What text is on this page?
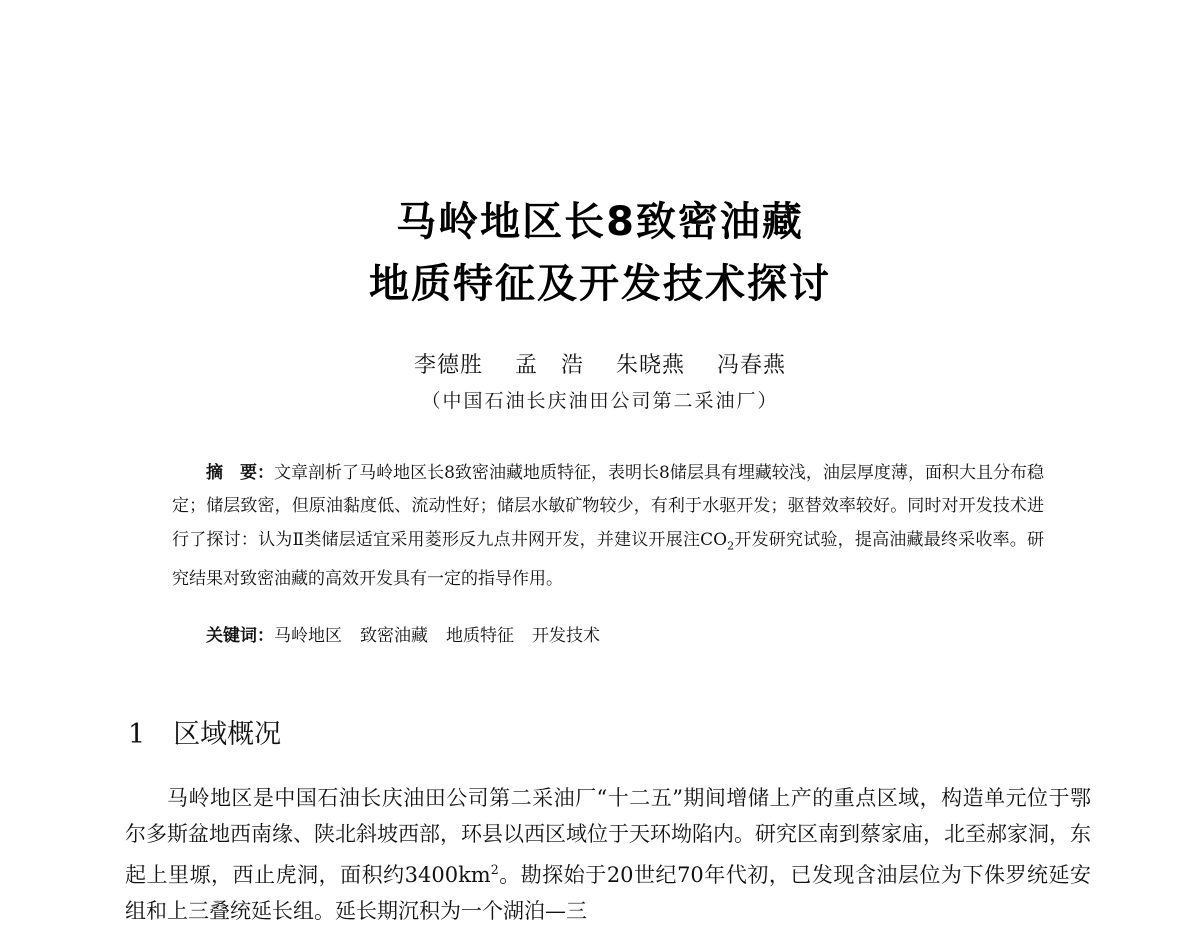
马岭地区长8致密油藏
地质特征及开发技术探讨
李德胜 孟　浩 朱晓燕 冯春燕
（中国石油长庆油田公司第二采油厂）

摘　要：文章剖析了马岭地区长8致密油藏地质特征，表明长8储层具有埋藏较浅，油层厚度薄，面积大且分布稳定；储层致密，但原油黏度低、流动性好；储层水敏矿物较少，有利于水驱开发；驱替效率较好。同时对开发技术进行了探讨：认为Ⅱ类储层适宜采用菱形反九点井网开发，并建议开展注$CO_2$开发研究试验，提高油藏最终采收率。研究结果对致密油藏的高效开发具有一定的指导作用。

关键词：马岭地区 致密油藏 地质特征 开发技术
1 区域概况

马岭地区是中国石油长庆油田公司第二采油厂“十二五”期间增储上产的重点区域，构造单元位于鄂尔多斯盆地西南缘、陕北斜坡西部，环县以西区域位于天环坳陷内。研究区南到蔡家庙，北至郝家洞，东起上里塬，西止虎洞，面积约$3400km^2$。勘探始于20世纪70年代初，已发现含油层位为下侏罗统延安组和上三叠统延长组。延长期沉积为一个湖泊—三
